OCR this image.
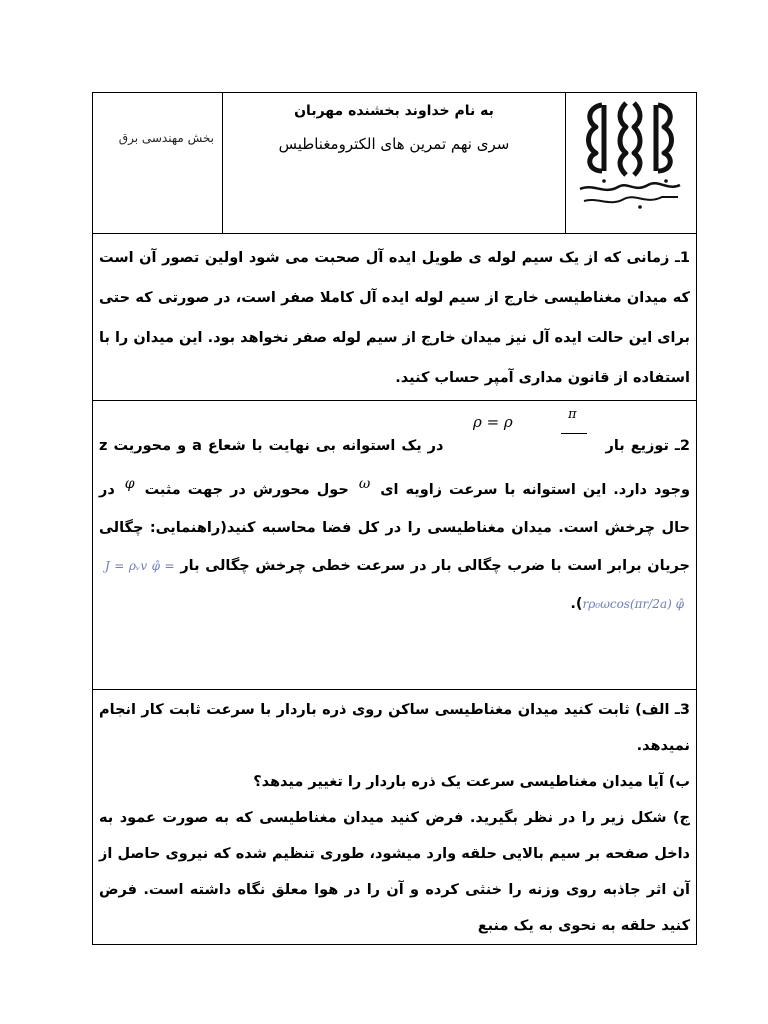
بخش مهندسی برق	
به نام خداوند بخشنده مهربان
سری نهم تمرین های الکترومغناطیس

1ـ زمانی که از یک سیم لوله ی طویل ایده آل صحبت می شود اولین تصور آن است که میدان مغناطیسی خارج از سیم لوله ایده آل کاملا صفر است، در صورتی که حتی برای این حالت ایده آل نیز میدان خارج از سیم لوله صفر نخواهد بود. این میدان را با استفاده از قانون مداری آمپر حساب کنید.

ρ = ρ	π
2ـ توزیع بار  در یک استوانه بی نهایت با شعاع a و محوریت z وجود دارد. این استوانه با سرعت زاویه ای ω حول محورش در جهت مثبت φ در حال چرخش است. میدان مغناطیسی را در کل فضا محاسبه کنید(راهنمایی: چگالی جریان برابر است با ضرب چگالی بار در سرعت خطی چرخش چگالی بار J = ρᵥv φ̂ = rρ₀ωcos(πr/2a) φ̂).

3ـ الف) ثابت کنید میدان مغناطیسی ساکن روی ذره باردار با سرعت ثابت کار انجام نمیدهد.
ب) آیا میدان مغناطیسی سرعت یک ذره باردار را تغییر میدهد؟
ج) شکل زیر را در نظر بگیرید. فرض کنید میدان مغناطیسی که به صورت عمود به داخل صفحه بر سیم بالایی حلقه وارد میشود، طوری تنظیم شده که نیروی حاصل از آن اثر جاذبه روی وزنه را خنثی کرده و آن را در هوا معلق نگاه داشته است. فرض کنید حلقه به نحوی به یک منبع
